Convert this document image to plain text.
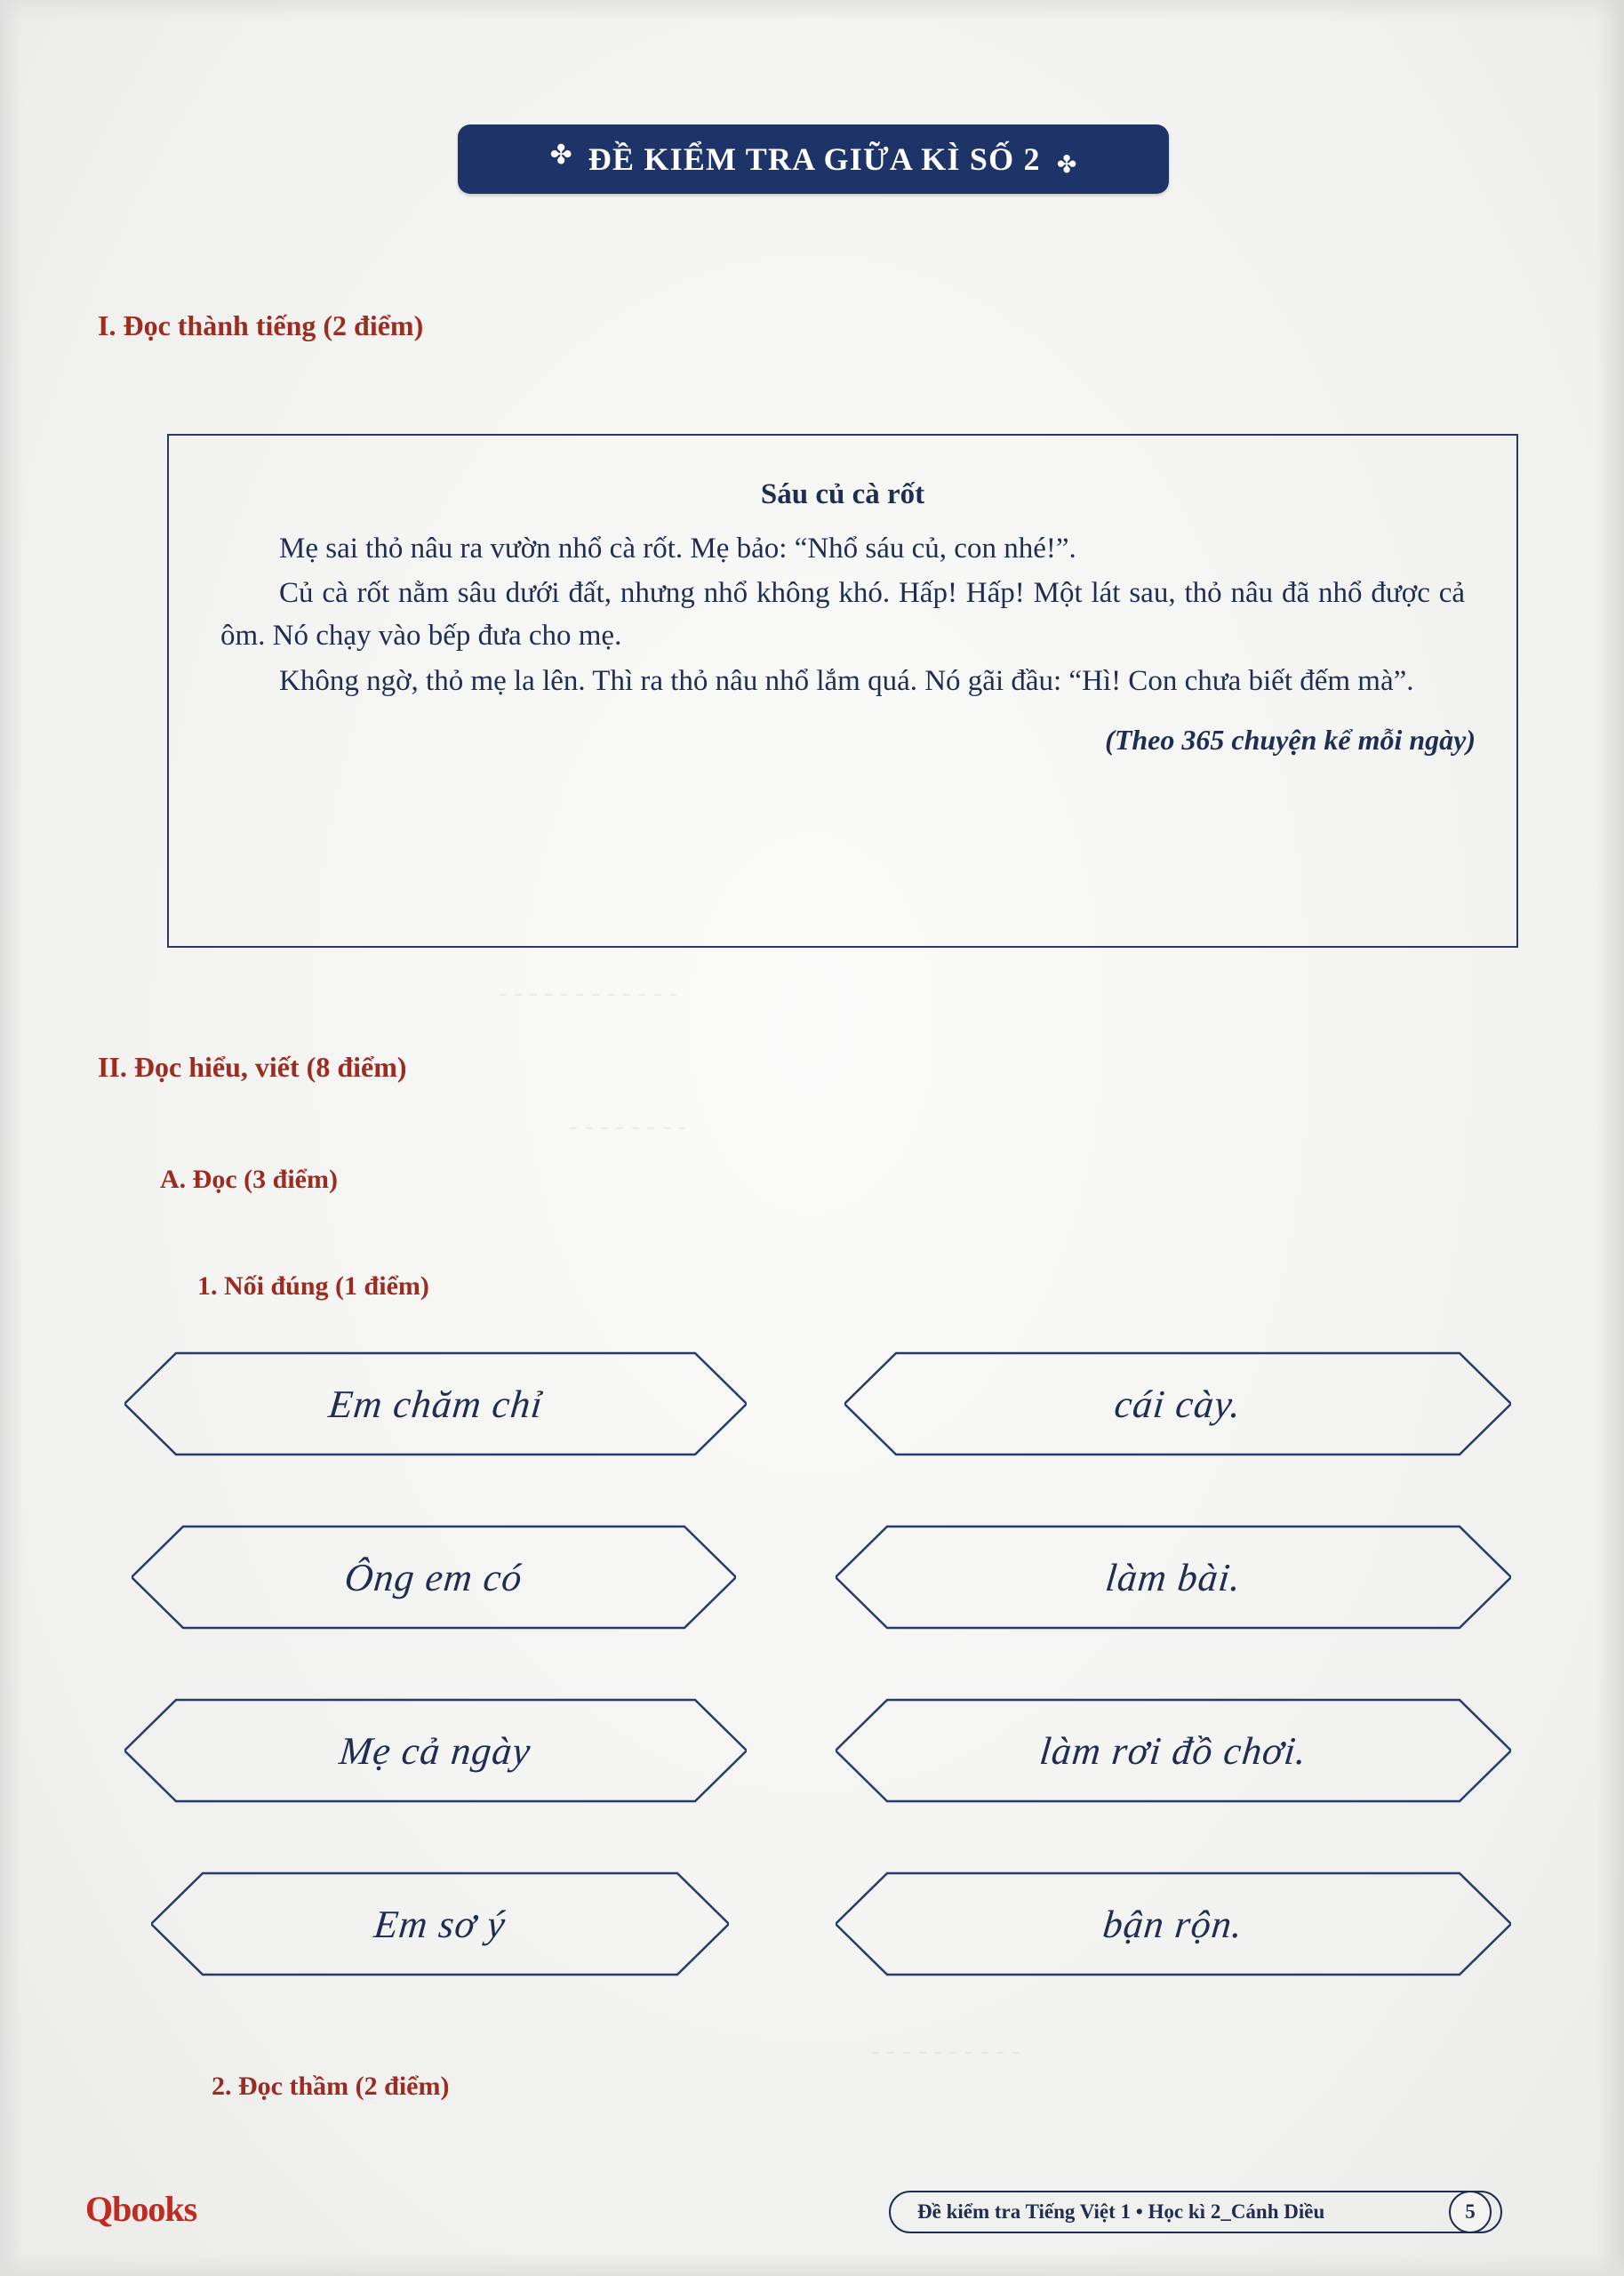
✤ ĐỀ KIỂM TRA GIỮA KÌ SỐ 2 ✤
I. Đọc thành tiếng (2 điểm)
Sáu củ cà rốt

Mẹ sai thỏ nâu ra vườn nhổ cà rốt. Mẹ bảo: “Nhổ sáu củ, con nhé!”.

Củ cà rốt nằm sâu dưới đất, nhưng nhổ không khó. Hấp! Hấp! Một lát sau, thỏ nâu đã nhổ được cả ôm. Nó chạy vào bếp đưa cho mẹ.

Không ngờ, thỏ mẹ la lên. Thì ra thỏ nâu nhổ lắm quá. Nó gãi đầu: “Hì! Con chưa biết đếm mà”.

(Theo 365 chuyện kể mỗi ngày)
II. Đọc hiểu, viết (8 điểm)
A. Đọc (3 điểm)
1. Nối đúng (1 điểm)
Em chăm chỉ	cái cày.
Ông em có	làm bài.
Mẹ cả ngày	làm rơi đồ chơi.
Em sơ ý	bận rộn.
2. Đọc thầm (2 điểm)
Qbooks	Đề kiểm tra Tiếng Việt 1 • Học kì 2_Cánh Diều	5
